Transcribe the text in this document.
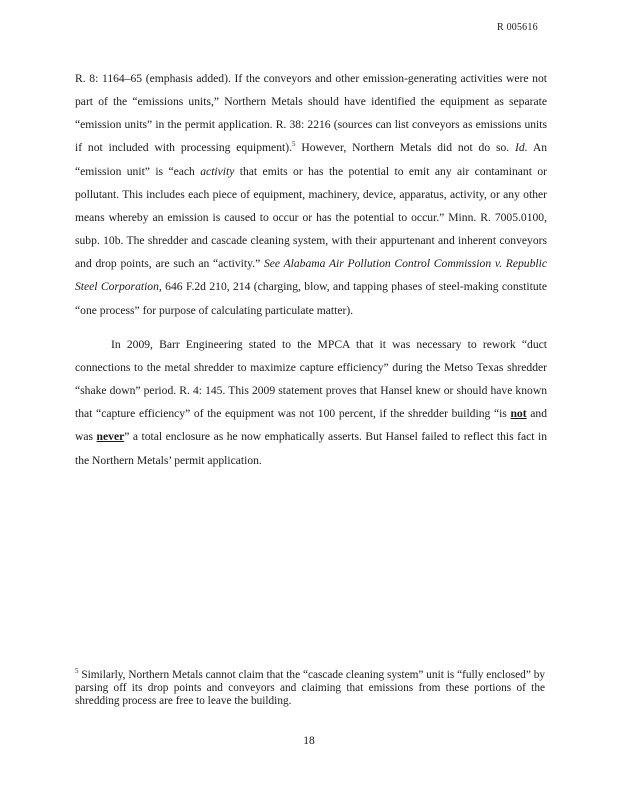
R 005616

R. 8: 1164–65 (emphasis added). If the conveyors and other emission-generating activities were not part of the “emissions units,” Northern Metals should have identified the equipment as separate “emission units” in the permit application. R. 38: 2216 (sources can list conveyors as emissions units if not included with processing equipment).$^5$ However, Northern Metals did not do so. Id. An “emission unit” is “each activity that emits or has the potential to emit any air contaminant or pollutant. This includes each piece of equipment, machinery, device, apparatus, activity, or any other means whereby an emission is caused to occur or has the potential to occur.” Minn. R. 7005.0100, subp. 10b. The shredder and cascade cleaning system, with their appurtenant and inherent conveyors and drop points, are such an “activity.” See Alabama Air Pollution Control Commission v. Republic Steel Corporation, 646 F.2d 210, 214 (charging, blow, and tapping phases of steel-making constitute “one process” for purpose of calculating particulate matter).

In 2009, Barr Engineering stated to the MPCA that it was necessary to rework “duct connections to the metal shredder to maximize capture efficiency” during the Metso Texas shredder “shake down” period. R. 4: 145. This 2009 statement proves that Hansel knew or should have known that “capture efficiency” of the equipment was not 100 percent, if the shredder building “is not and was never” a total enclosure as he now emphatically asserts. But Hansel failed to reflect this fact in the Northern Metals’ permit application.

$^5$ Similarly, Northern Metals cannot claim that the “cascade cleaning system” unit is “fully enclosed” by parsing off its drop points and conveyors and claiming that emissions from these portions of the shredding process are free to leave the building.

18
